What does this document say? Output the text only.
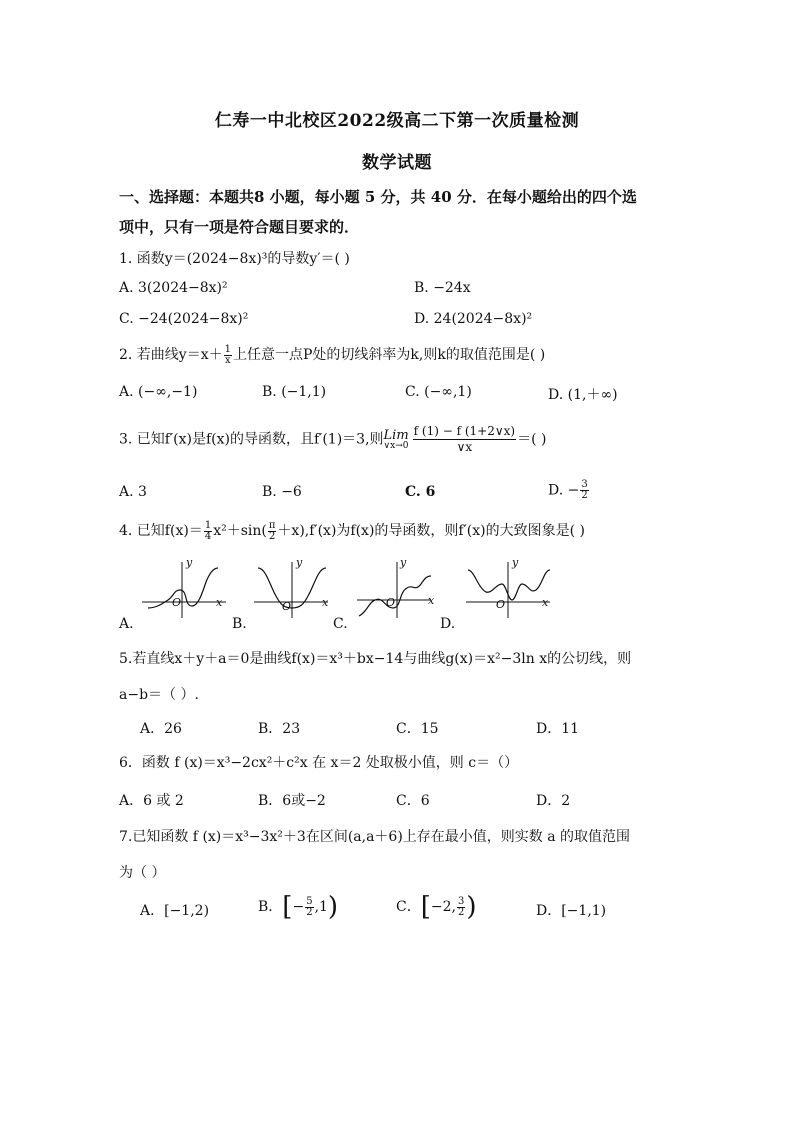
仁寿一中北校区2022级高二下第一次质量检测
数学试题
一、选择题：本题共8 小题，每小题 5 分，共 40 分．在每小题给出的四个选
项中，只有一项是符合题目要求的．
1. 函数y＝(2024−8x)³的导数y′＝( )
A. 3(2024−8x)²	B. −24x
C. −24(2024−8x)²	D. 24(2024−8x)²
2. 若曲线$y=x+ \frac{1}{x}$ 上任意一点P处的切线斜率为k,则k的取值范围是( )
A. (−∞,−1)	B. (−1,1)	C. (−∞,1)	D. (1,＋∞)
3. 已知f′(x)是f(x)的导函数，且f′(1)＝3,则 Lim
∨x→0 $\frac{f (1) - f (1+2\vee x)}{\vee x}$ ＝( )
A. 3	B. −6	C. 6	D. − $\frac{3}{2}$
4. 已知$f(x)= \frac{1}{4} x^2+\sin( \frac{\pi}{2} +x),f'(x)$为f(x)的导函数，则f′(x)的大致图象是( )
y
x
O
A.
y
x
O
B.
y
x
O
C.
y
x
O
D.
5.若直线x＋y＋a＝0是曲线f(x)＝x³＋bx−14与曲线g(x)＝x²−3ln x的公切线，则
a−b＝（ ）.
A．26	B．23	C．15	D．11
6．函数 f (x)＝x³−2cx²＋c²x 在 x＝2 处取极小值，则 c＝（）
A．6 或 2	B．6或−2	C．6	D．2
7.已知函数 f (x)＝x³−3x²＋3在区间(a,a＋6)上存在最小值，则实数 a 的取值范围
为（ ）
A．[−1,2)	B．[− $\frac{5}{2} ,1$)	C．[−2, $\frac{3}{2}$ )	D．[−1,1)
